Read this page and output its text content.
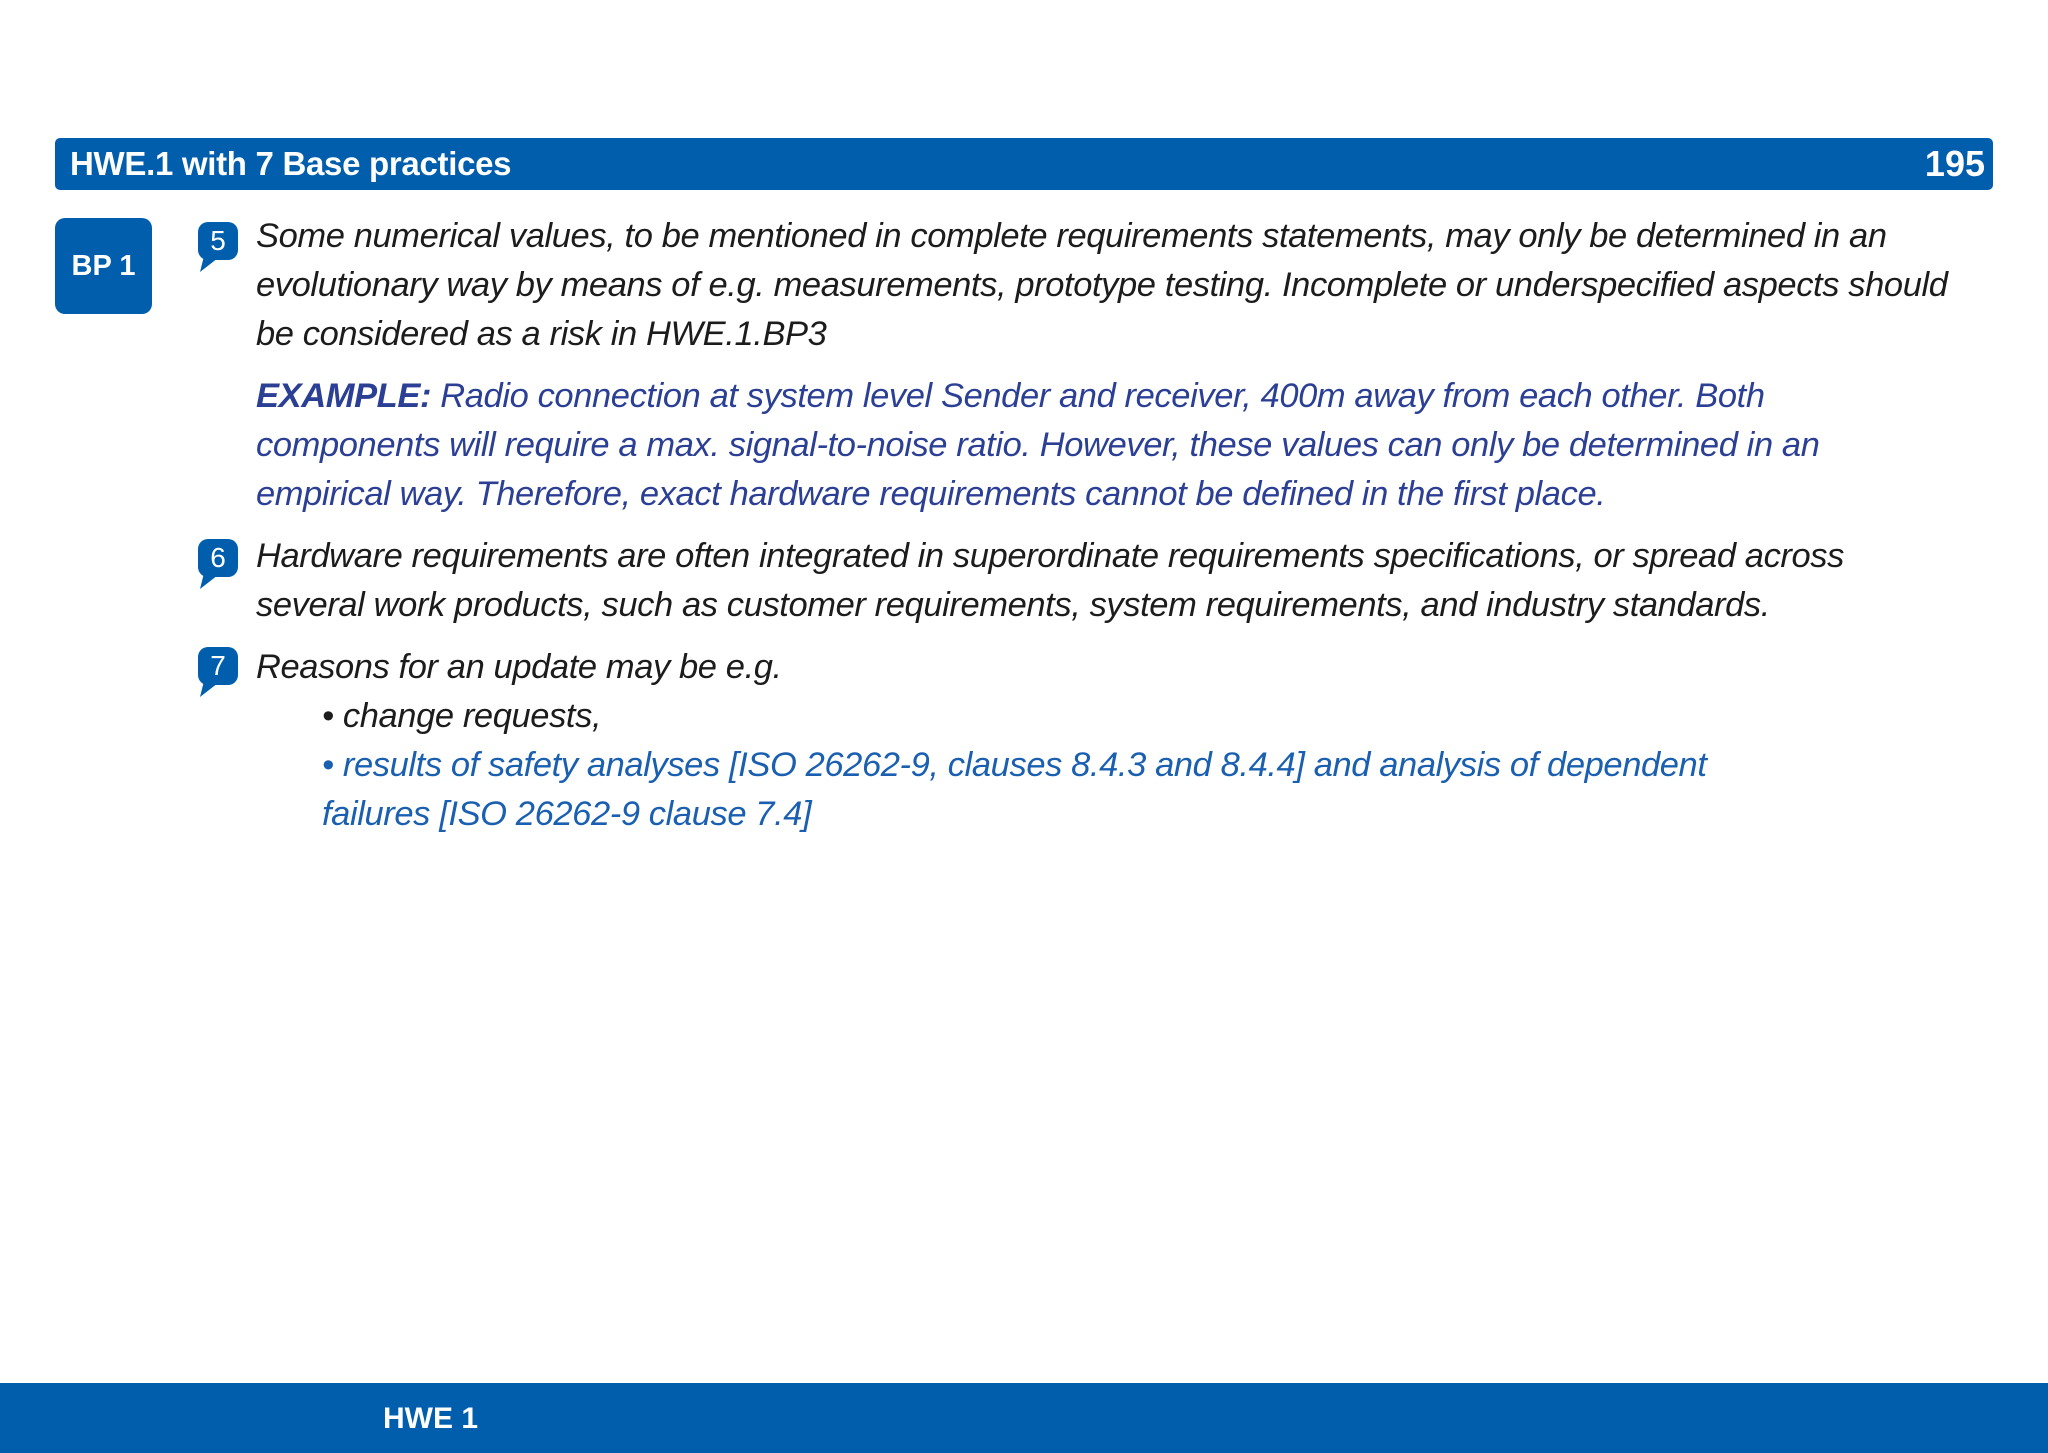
HWE.1 with 7 Base practices	195
BP 1
5 Some numerical values, to be mentioned in complete requirements statements, may only be determined in an evolutionary way by means of e.g. measurements, prototype testing. Incomplete or underspecified aspects should be considered as a risk in HWE.1.BP3
EXAMPLE: Radio connection at system level Sender and receiver, 400m away from each other. Both components will require a max. signal-to-noise ratio. However, these values can only be determined in an empirical way. Therefore, exact hardware requirements cannot be defined in the first place.
6 Hardware requirements are often integrated in superordinate requirements specifications, or spread across several work products, such as customer requirements, system requirements, and industry standards.
7 Reasons for an update may be e.g.
• change requests,
• results of safety analyses [ISO 26262-9, clauses 8.4.3 and 8.4.4] and analysis of dependent failures [ISO 26262-9 clause 7.4]
HWE 1
